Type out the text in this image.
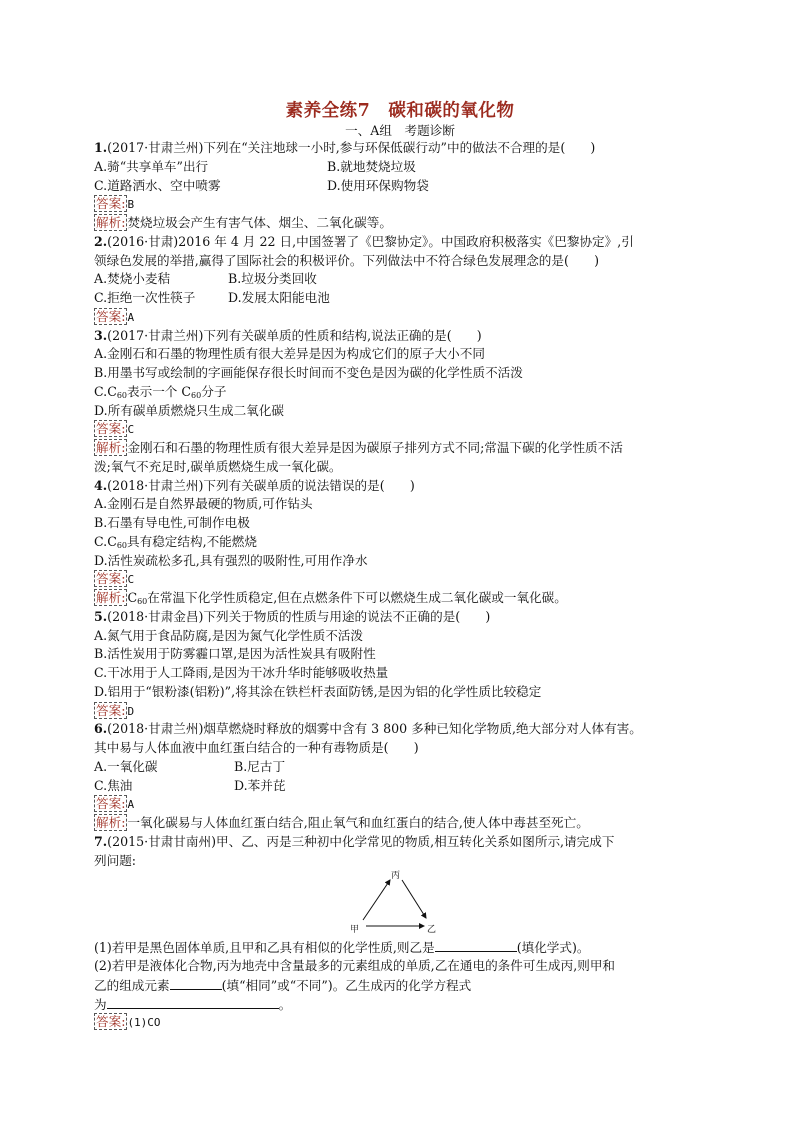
素养全练7　碳和碳的氧化物
一、A组　考题诊断
1.(2017·甘肃兰州)下列在“关注地球一小时,参与环保低碳行动”中的做法不合理的是(　　)
A.骑“共享单车”出行	B.就地焚烧垃圾
C.道路洒水、空中喷雾	D.使用环保购物袋
答案: B
解析: 焚烧垃圾会产生有害气体、烟尘、二氧化碳等。
2.(2016·甘肃)2016 年 4 月 22 日,中国签署了《巴黎协定》。中国政府积极落实《巴黎协定》,引
领绿色发展的举措,赢得了国际社会的积极评价。下列做法中不符合绿色发展理念的是(　　)
A.焚烧小麦秸	B.垃圾分类回收
C.拒绝一次性筷子	D.发展太阳能电池
答案: A
3.(2017·甘肃兰州)下列有关碳单质的性质和结构,说法正确的是(　　)
A.金刚石和石墨的物理性质有很大差异是因为构成它们的原子大小不同
B.用墨书写或绘制的字画能保存很长时间而不变色是因为碳的化学性质不活泼
$C.C_{60}$表示一个 $C_{60}$分子
D.所有碳单质燃烧只生成二氧化碳
答案: C
解析: 金刚石和石墨的物理性质有很大差异是因为碳原子排列方式不同;常温下碳的化学性质不活
泼;氧气不充足时,碳单质燃烧生成一氧化碳。
4.(2018·甘肃兰州)下列有关碳单质的说法错误的是(　　)
A.金刚石是自然界最硬的物质,可作钻头
B.石墨有导电性,可制作电极
$C.C_{60}$具有稳定结构,不能燃烧
D.活性炭疏松多孔,具有强烈的吸附性,可用作净水
答案: C
解析: $C_{60}$在常温下化学性质稳定,但在点燃条件下可以燃烧生成二氧化碳或一氧化碳。
5.(2018·甘肃金昌)下列关于物质的性质与用途的说法不正确的是(　　)
A.氮气用于食品防腐,是因为氮气化学性质不活泼
B.活性炭用于防雾霾口罩,是因为活性炭具有吸附性
C.干冰用于人工降雨,是因为干冰升华时能够吸收热量
D.铝用于“银粉漆(铝粉)”,将其涂在铁栏杆表面防锈,是因为铝的化学性质比较稳定
答案: D
6.(2018·甘肃兰州)烟草燃烧时释放的烟雾中含有 3 800 多种已知化学物质,绝大部分对人体有害。
其中易与人体血液中血红蛋白结合的一种有毒物质是(　　)
A.一氧化碳	B.尼古丁
C.焦油	D.苯并芘
答案: A
解析: 一氧化碳易与人体血红蛋白结合,阻止氧气和血红蛋白的结合,使人体中毒甚至死亡。
7.(2015·甘肃甘南州)甲、乙、丙是三种初中化学常见的物质,相互转化关系如图所示,请完成下
列问题:
丙
甲	乙
(1)若甲是黑色固体单质,且甲和乙具有相似的化学性质,则乙是	(填化学式)。
(2)若甲是液体化合物,丙为地壳中含量最多的元素组成的单质,乙在通电的条件可生成丙,则甲和
乙的组成元素	(填“相同”或“不同”)。乙生成丙的化学方程式
为	。
答案: (1)CO
